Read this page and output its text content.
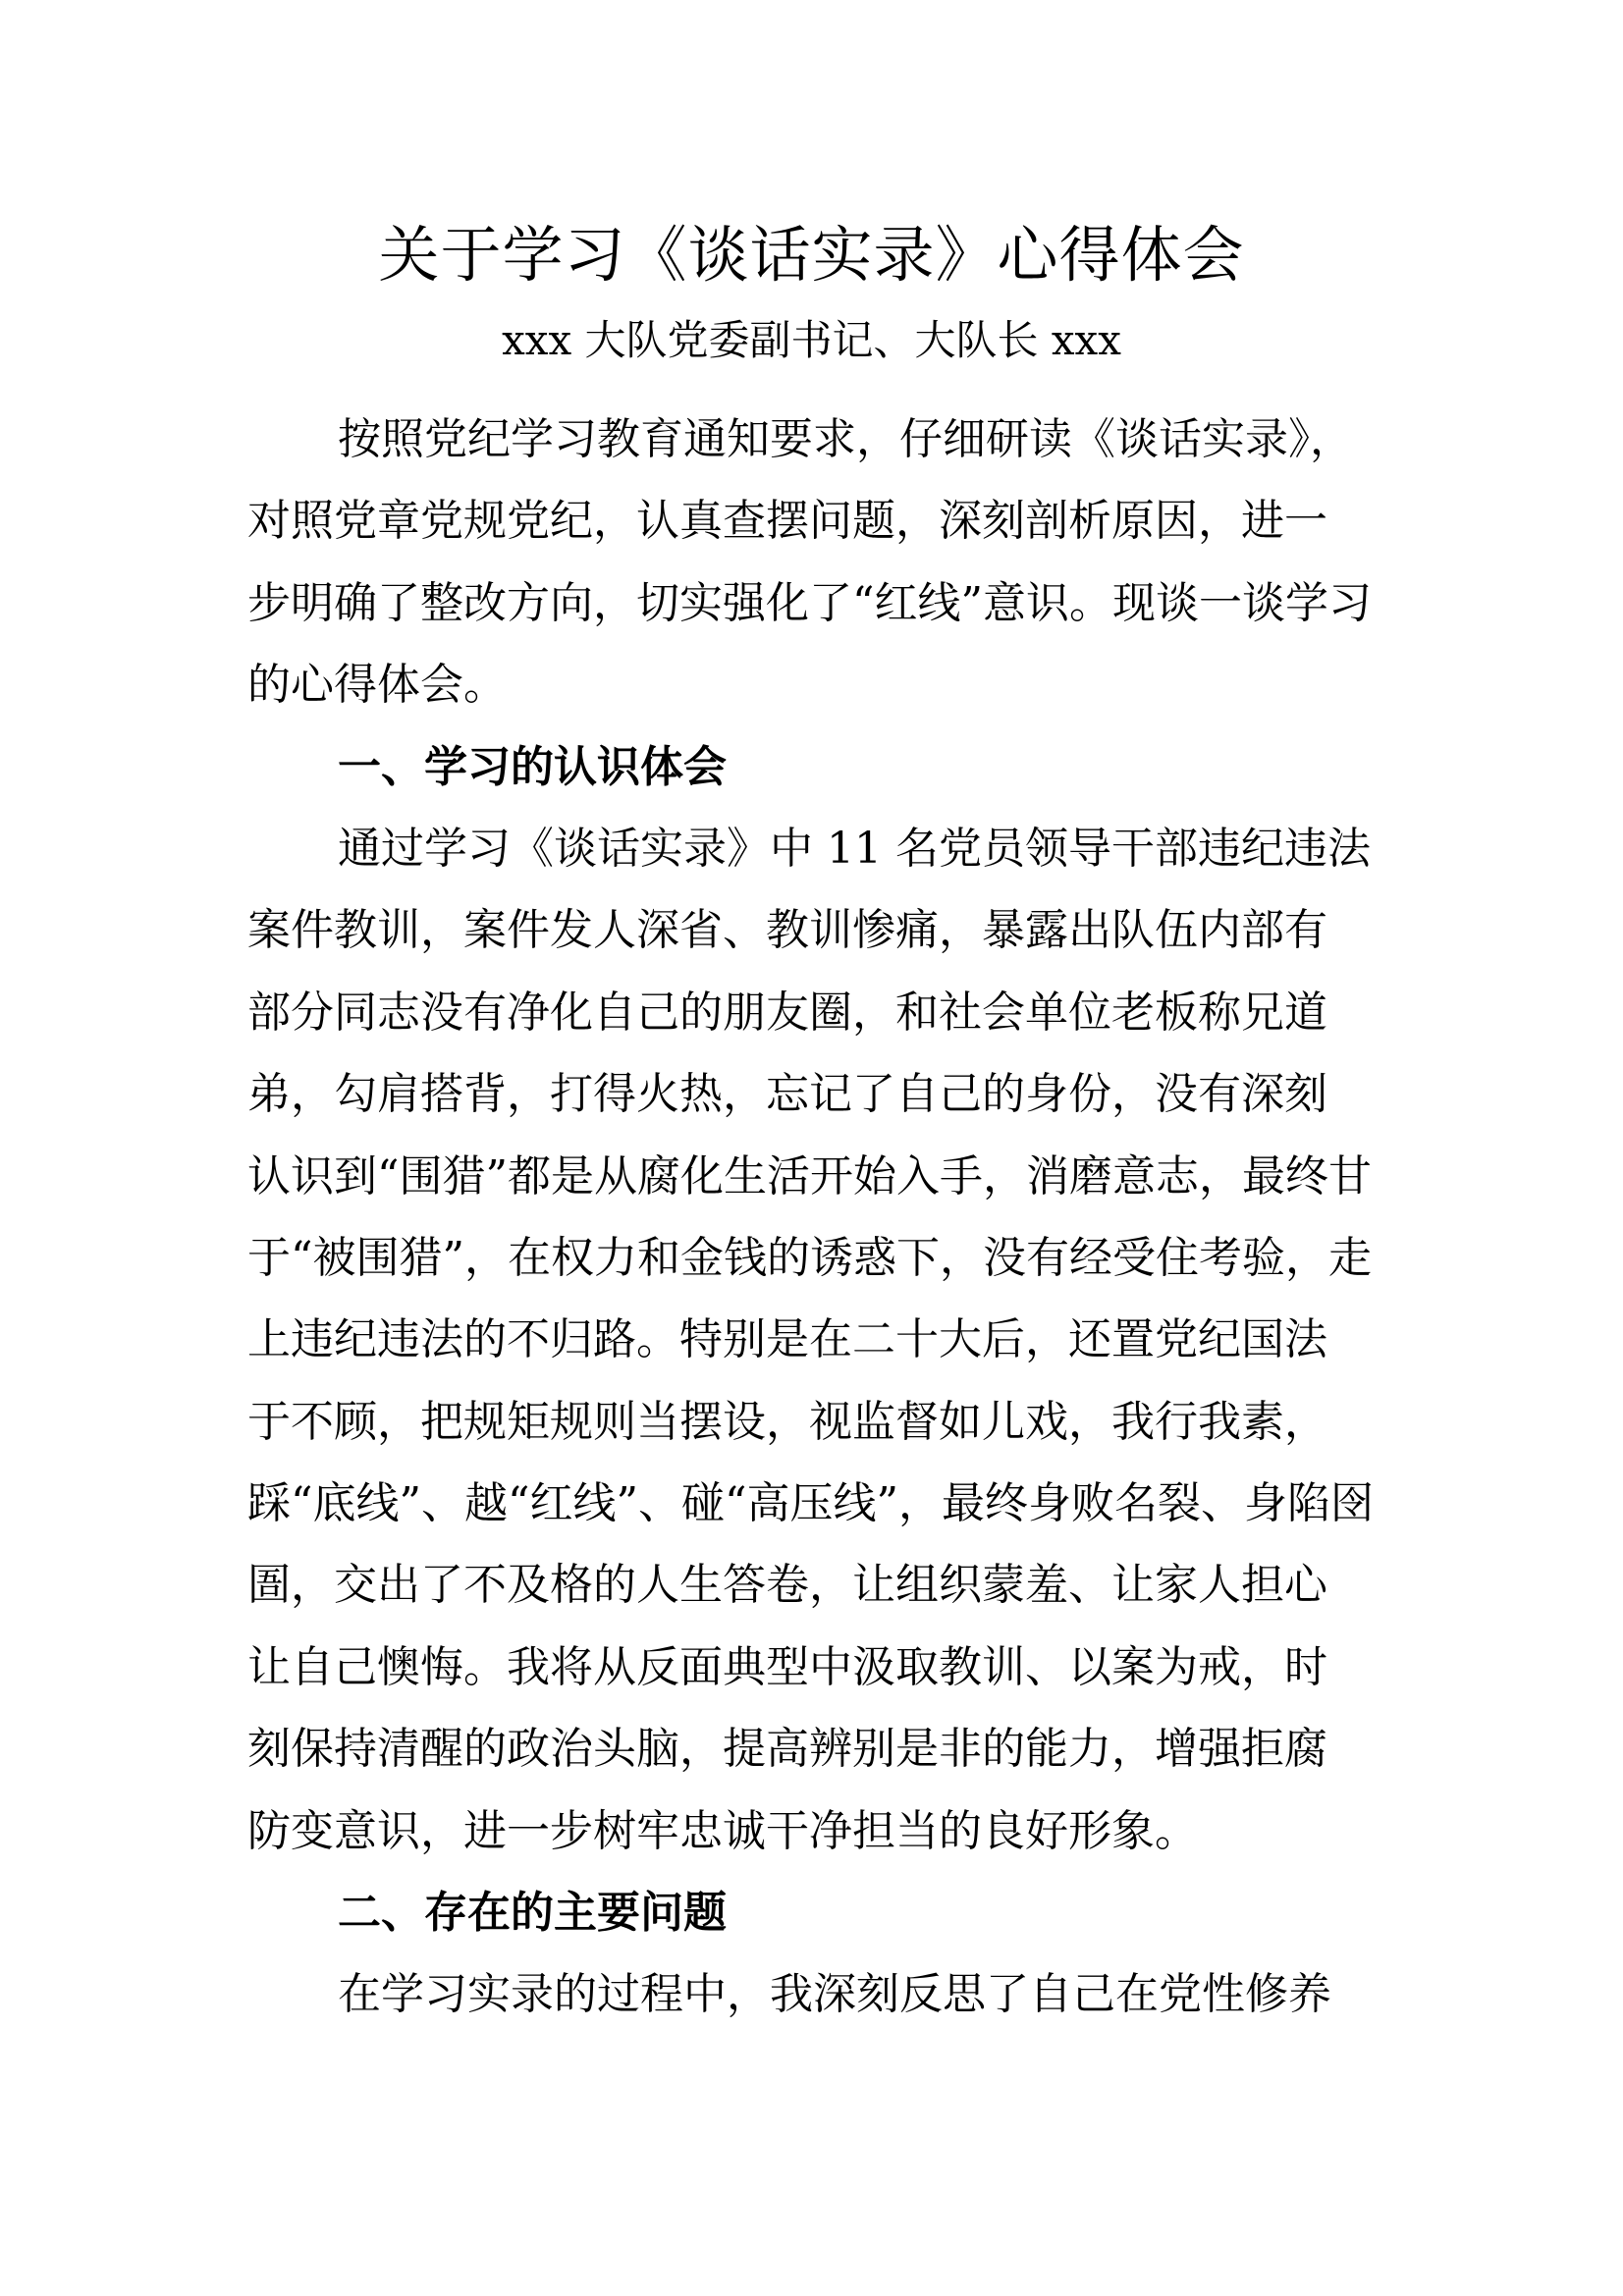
关于学习《谈话实录》心得体会
xxx 大队党委副书记、大队长 xxx
按照党纪学习教育通知要求，仔细研读《谈话实录》，
对照党章党规党纪，认真查摆问题，深刻剖析原因，进一
步明确了整改方向，切实强化了“红线”意识。现谈一谈学习
的心得体会。
一、学习的认识体会
通过学习《谈话实录》中 11 名党员领导干部违纪违法
案件教训，案件发人深省、教训惨痛，暴露出队伍内部有
部分同志没有净化自己的朋友圈，和社会单位老板称兄道
弟，勾肩搭背，打得火热，忘记了自己的身份，没有深刻
认识到“围猎”都是从腐化生活开始入手，消磨意志，最终甘
于“被围猎”，在权力和金钱的诱惑下，没有经受住考验，走
上违纪违法的不归路。特别是在二十大后，还置党纪国法
于不顾，把规矩规则当摆设，视监督如儿戏，我行我素，
踩“底线”、越“红线”、碰“高压线”，最终身败名裂、身陷囹
圄，交出了不及格的人生答卷，让组织蒙羞、让家人担心
让自己懊悔。我将从反面典型中汲取教训、以案为戒，时
刻保持清醒的政治头脑，提高辨别是非的能力，增强拒腐
防变意识，进一步树牢忠诚干净担当的良好形象。
二、存在的主要问题
在学习实录的过程中，我深刻反思了自己在党性修养
